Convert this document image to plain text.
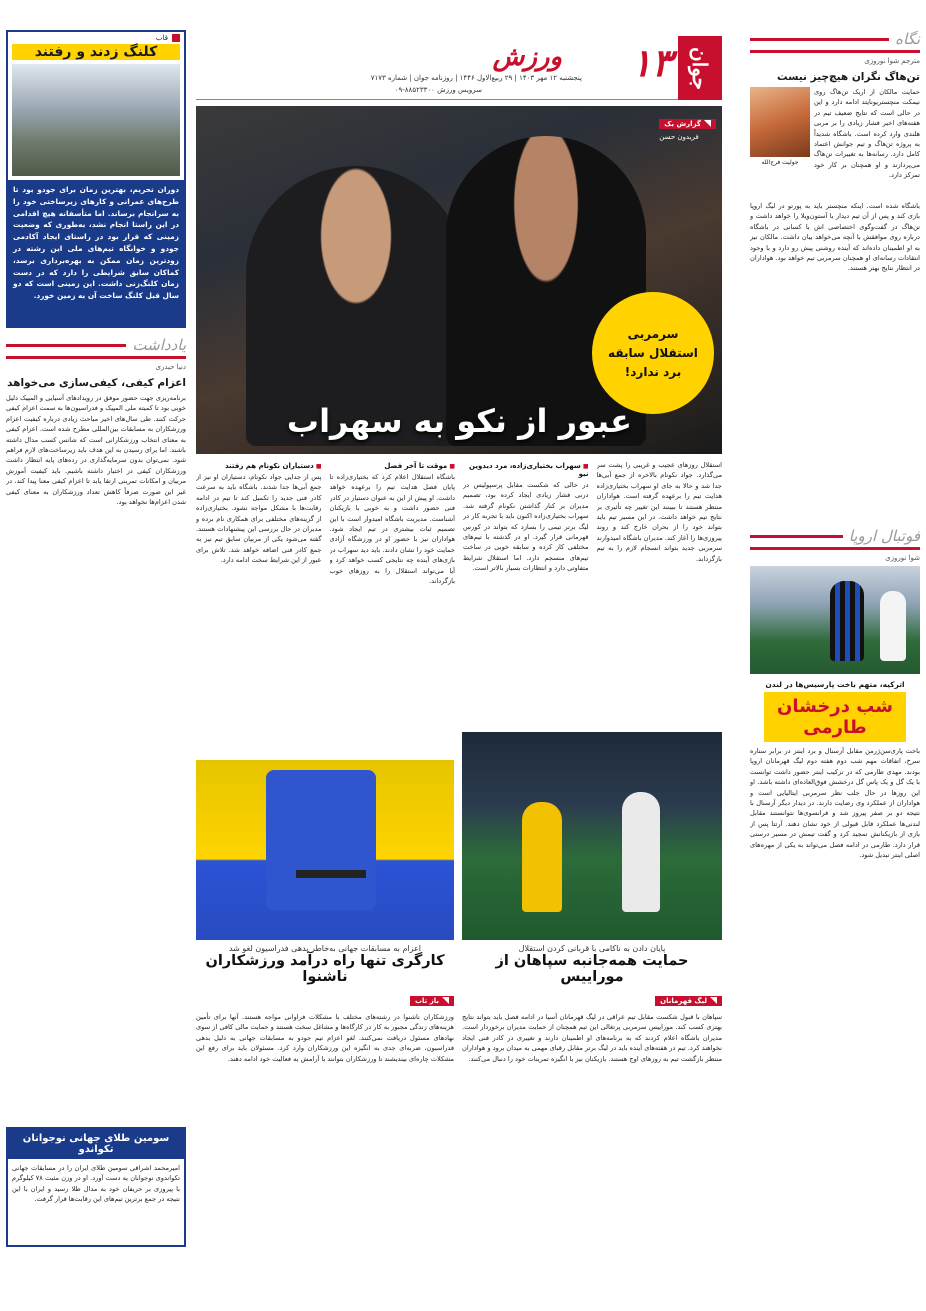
نگاه
مترجم شوا نوروزی
تن‌هاگ نگران هیچ‌چیز نیست
حمایت مالکان از اریک تن‌هاگ روی نیمکت منچستریونایتد ادامه دارد و این در حالی است که نتایج ضعیف تیم در هفته‌های اخیر فشار زیادی را بر مربی هلندی وارد کرده است. باشگاه شدیداً به پروژه تن‌هاگ و تیم جوانش اعتماد کامل دارد. رسانه‌ها به تغییرات تن‌هاگ می‌پردازند و او همچنان بر کار خود تمرکز دارد.
جولیت فرج‌الله
باشگاه شده است. اینکه منچستر باید به پورتو در لیگ اروپا بازی کند و پس از آن تیم دیدار با آستون‌ویلا را خواهد داشت و تن‌هاگ در گفت‌وگوی اختصاصی اش با کسانی در باشگاه درباره روی موافقش با آنچه می‌خواهد بیان داشت. مالکان نیز به او اطمینان داده‌اند که آینده روشنی پیش رو دارد و با وجود انتقادات رسانه‌ای او همچنان سرمربی تیم خواهد بود. هواداران در انتظار نتایج بهتر هستند.
فوتبال اروپا
شوا نوروزی
اترکیه، متهم باخت پارسیس‌ها در لندن
شب درخشان طارمی
باخت پاری‌سن‌ژرمن مقابل آرسنال و برد اینتر در برابر ستاره‌ سرخ، اتفاقات مهم شب دوم هفته دوم لیگ قهرمانان اروپا بودند. مهدی طارمی که در ترکیب اینتر حضور داشت توانست با یک گل و یک پاس گل درخشش فوق‌العاده‌ای داشته باشد. او این روزها در حال جلب نظر سرمربی ایتالیایی است و هواداران از عملکرد وی رضایت دارند. در دیدار دیگر آرسنال با نتیجه دو بر صفر پیروز شد و فرانسوی‌ها نتوانستند مقابل لندنی‌ها عملکرد قابل قبولی از خود نشان دهند. آرتتا پس از بازی از بازیکنانش تمجید کرد و گفت تیمش در مسیر درستی قرار دارد. طارمی در ادامه فصل می‌تواند به یکی از مهره‌های اصلی اینتر تبدیل شود.
جوان
۱۳
ورزش
پنجشنبه ۱۲ مهر ۱۴۰۳ | ۲۹ ربیع‌الاول ۱۴۴۶ | روزنامه جوان | شماره ۷۱۷۳
سرویس ورزش ۸۸۵۲۳۳۰۰-۰۹
گزارش یک
فریدون حسن
سرمربی استقلال سابقه برد ندارد!
عبور از نکو به سهراب
استقلال روزهای عجیب و غریبی را پشت سر می‌گذارد. جواد نکونام بالاخره از جمع آبی‌ها جدا شد و حالا به جای او سهراب بختیاری‌زاده هدایت تیم را برعهده گرفته است. هواداران منتظر هستند تا ببینند این تغییر چه تأثیری بر نتایج تیم خواهد داشت. در این مسیر تیم باید بتواند خود را از بحران خارج کند و روند پیروزی‌ها را آغاز کند. مدیران باشگاه امیدوارند سرمربی جدید بتواند انسجام لازم را به تیم بازگرداند.
■ سهراب بختیاری‌زاده، مرد دیدوین نیو
در حالی که شکست مقابل پرسپولیس در دربی فشار زیادی ایجاد کرده بود، تصمیم مدیران بر کنار گذاشتن نکونام گرفته شد. سهراب بختیاری‌زاده اکنون باید با تجربه کار در لیگ برتر تیمی را بسازد که بتواند در کورس قهرمانی قرار گیرد. او در گذشته با تیم‌های مختلفی کار کرده و سابقه خوبی در ساخت تیم‌های منسجم دارد. اما استقلال شرایط متفاوتی دارد و انتظارات بسیار بالاتر است.
■ موقت تا آخر فصل
باشگاه استقلال اعلام کرد که بختیاری‌زاده تا پایان فصل هدایت تیم را برعهده خواهد داشت. او پیش از این به عنوان دستیار در کادر فنی حضور داشت و به خوبی با بازیکنان آشناست. مدیریت باشگاه امیدوار است با این تصمیم ثبات بیشتری در تیم ایجاد شود. هواداران نیز با حضور او در ورزشگاه آزادی حمایت خود را نشان دادند. باید دید سهراب در بازی‌های آینده چه نتایجی کسب خواهد کرد و آیا می‌تواند استقلال را به روزهای خوب بازگرداند.
■ دستیاران نکونام هم رفتند
پس از جدایی جواد نکونام، دستیاران او نیز از جمع آبی‌ها جدا شدند. باشگاه باید به سرعت کادر فنی جدید را تکمیل کند تا تیم در ادامه رقابت‌ها با مشکل مواجه نشود. بختیاری‌زاده از گزینه‌های مختلفی برای همکاری نام برده و مدیران در حال بررسی این پیشنهادات هستند. گفته می‌شود یکی از مربیان سابق تیم نیز به جمع کادر فنی اضافه خواهد شد. تلاش برای عبور از این شرایط سخت ادامه دارد.
پایان دادن به ناکامی با قربانی کردن استقلال
حمایت همه‌جانبه سپاهان از موراییس
لیگ قهرمانان
سپاهان با قبول شکست مقابل تیم عراقی در لیگ قهرمانان آسیا در ادامه فصل باید بتواند نتایج بهتری کسب کند. موراییس سرمربی پرتغالی این تیم همچنان از حمایت مدیران برخوردار است. مدیران باشگاه اعلام کردند که به برنامه‌های او اطمینان دارند و تغییری در کادر فنی ایجاد نخواهند کرد. تیم در هفته‌های آینده باید در لیگ برتر مقابل رقبای مهمی به میدان برود و هواداران منتظر بازگشت تیم به روزهای اوج هستند. بازیکنان نیز با انگیزه تمرینات خود را دنبال می‌کنند.
اعزام به مسابقات جهانی به‌خاطر بدهی فدراسیون لغو شد
کارگری تنها راه درآمد ورزشکاران ناشنوا
باز تاب
ورزشکاران ناشنوا در رشته‌های مختلف با مشکلات فراوانی مواجه هستند. آنها برای تأمین هزینه‌های زندگی مجبور به کار در کارگاه‌ها و مشاغل سخت هستند و حمایت مالی کافی از سوی نهادهای مسئول دریافت نمی‌کنند. لغو اعزام تیم جودو به مسابقات جهانی به دلیل بدهی فدراسیون، ضربه‌ای جدی به انگیزه این ورزشکاران وارد کرد. مسئولان باید برای رفع این مشکلات چاره‌ای بیندیشند تا ورزشکاران بتوانند با آرامش به فعالیت خود ادامه دهند.
قاب
کلنگ زدند و رفتند
دوران تحریم، بهترین زمان برای جودو بود تا طرح‌های عمرانی و کارهای زیرساختی خود را به سرانجام برساند. اما متأسفانه هیچ اقدامی در این راستا انجام نشد، به‌طوری که وضعیت زمینی که قرار بود در راستای ایجاد آکادمی جودو و خوابگاه تیم‌های ملی این رشته در زودترین زمان ممکن به بهره‌برداری برسد، کماکان سابق شرایطی را دارد که در دست زمان کلنگ‌زنی داشت. این زمینی است که دو سال قبل کلنگ ساخت آن به زمین خورد.
یادداشت
دنیا حیدری
اعزام کیفی، کیفی‌سازی می‌خواهد
برنامه‌ریزی جهت حضور موفق در رویدادهای آسیایی و المپیک دلیل خوبی بود تا کمیته ملی المپیک و فدراسیون‌ها به سمت اعزام کیفی حرکت کنند. طی سال‌های اخیر مباحث زیادی درباره کیفیت اعزام ورزشکاران به مسابقات بین‌المللی مطرح شده است. اعزام کیفی به معنای انتخاب ورزشکارانی است که شانس کسب مدال داشته باشند. اما برای رسیدن به این هدف باید زیرساخت‌های لازم فراهم شود. نمی‌توان بدون سرمایه‌گذاری در رده‌های پایه انتظار داشت ورزشکاران کیفی در اختیار داشته باشیم. باید کیفیت آموزش مربیان و امکانات تمرینی ارتقا یابد تا اعزام کیفی معنا پیدا کند. در غیر این صورت صرفاً کاهش تعداد ورزشکاران به معنای کیفی شدن اعزام‌ها نخواهد بود.
سومین طلای جهانی نوجوانان تکواندو
امیرمحمد اشراقی سومین طلای ایران را در مسابقات جهانی تکواندوی نوجوانان به دست آورد. او در وزن مثبت ۷۸ کیلوگرم با پیروزی بر حریفان خود به مدال طلا رسید و ایران با این نتیجه در جمع برترین تیم‌های این رقابت‌ها قرار گرفت.
